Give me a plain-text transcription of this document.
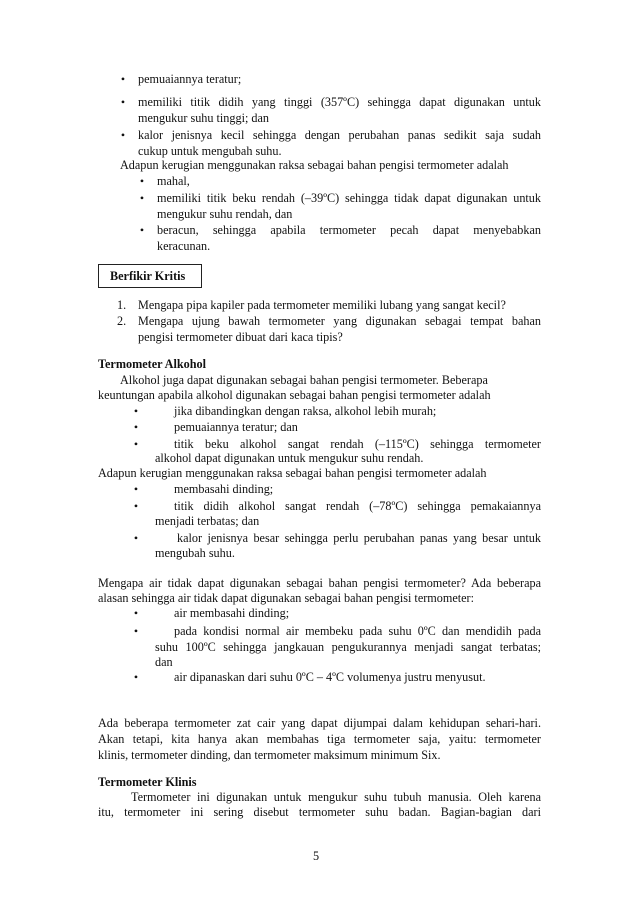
• pemuaiannya teratur;
• memiliki titik didih yang tinggi (357ºC) sehingga dapat digunakan untuk
mengukur suhu tinggi; dan
• kalor jenisnya kecil sehingga dengan perubahan panas sedikit saja sudah
cukup untuk mengubah suhu.
Adapun kerugian menggunakan raksa sebagai bahan pengisi termometer adalah
• mahal,
• memiliki titik beku rendah (–39ºC) sehingga tidak dapat digunakan untuk
mengukur suhu rendah, dan
• beracun, sehingga apabila termometer pecah dapat menyebabkan
keracunan.
Berfikir Kritis
1. Mengapa pipa kapiler pada termometer memiliki lubang yang sangat kecil?
2. Mengapa ujung bawah termometer yang digunakan sebagai tempat bahan
pengisi termometer dibuat dari kaca tipis?
Termometer Alkohol
Alkohol juga dapat digunakan sebagai bahan pengisi termometer. Beberapa
keuntungan apabila alkohol digunakan sebagai bahan pengisi termometer adalah
•	jika dibandingkan dengan raksa, alkohol lebih murah;
•	pemuaiannya teratur; dan
•	titik beku alkohol sangat rendah (–115ºC) sehingga termometer
alkohol dapat digunakan untuk mengukur suhu rendah.
Adapun kerugian menggunakan raksa sebagai bahan pengisi termometer adalah
•	membasahi dinding;
•	titik didih alkohol sangat rendah (–78ºC) sehingga pemakaiannya
menjadi terbatas; dan
•	kalor jenisnya besar sehingga perlu perubahan panas yang besar untuk
mengubah suhu.
Mengapa air tidak dapat digunakan sebagai bahan pengisi termometer? Ada beberapa
alasan sehingga air tidak dapat digunakan sebagai bahan pengisi termometer:
•	air membasahi dinding;
•	pada kondisi normal air membeku pada suhu 0ºC dan mendidih pada
suhu 100ºC sehingga jangkauan pengukurannya menjadi sangat terbatas;
dan
•	air dipanaskan dari suhu 0ºC – 4ºC volumenya justru menyusut.
Ada beberapa termometer zat cair yang dapat dijumpai dalam kehidupan sehari-hari.
Akan tetapi, kita hanya akan membahas tiga termometer saja, yaitu: termometer
klinis, termometer dinding, dan termometer maksimum minimum Six.
Termometer Klinis
Termometer ini digunakan untuk mengukur suhu tubuh manusia. Oleh karena
itu, termometer ini sering disebut termometer suhu badan. Bagian-bagian dari
5
